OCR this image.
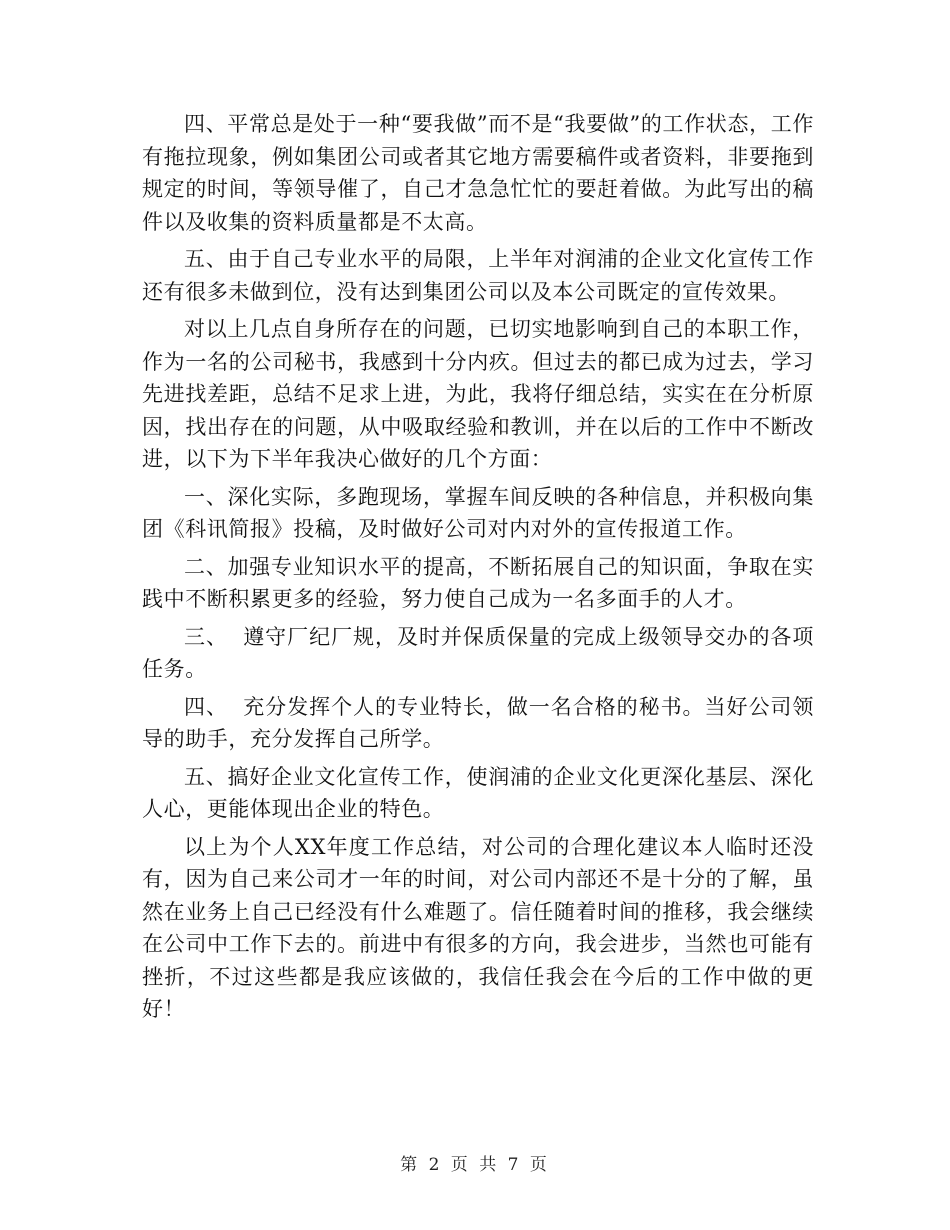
四、平常总是处于一种“要我做”而不是“我要做”的工作状态，工作有拖拉现象，例如集团公司或者其它地方需要稿件或者资料，非要拖到规定的时间，等领导催了，自己才急急忙忙的要赶着做。为此写出的稿件以及收集的资料质量都是不太高。

五、由于自己专业水平的局限，上半年对润浦的企业文化宣传工作还有很多未做到位，没有达到集团公司以及本公司既定的宣传效果。

对以上几点自身所存在的问题，已切实地影响到自己的本职工作，作为一名的公司秘书，我感到十分内疚。但过去的都已成为过去，学习先进找差距，总结不足求上进，为此，我将仔细总结，实实在在分析原因，找出存在的问题，从中吸取经验和教训，并在以后的工作中不断改进，以下为下半年我决心做好的几个方面：

一、深化实际，多跑现场，掌握车间反映的各种信息，并积极向集团《科讯简报》投稿，及时做好公司对内对外的宣传报道工作。

二、加强专业知识水平的提高，不断拓展自己的知识面，争取在实践中不断积累更多的经验，努力使自己成为一名多面手的人才。

三、  遵守厂纪厂规，及时并保质保量的完成上级领导交办的各项任务。

四、  充分发挥个人的专业特长，做一名合格的秘书。当好公司领导的助手，充分发挥自己所学。

五、搞好企业文化宣传工作，使润浦的企业文化更深化基层、深化人心，更能体现出企业的特色。

以上为个人XX年度工作总结，对公司的合理化建议本人临时还没有，因为自己来公司才一年的时间，对公司内部还不是十分的了解，虽然在业务上自己已经没有什么难题了。信任随着时间的推移，我会继续在公司中工作下去的。前进中有很多的方向，我会进步，当然也可能有挫折，不过这些都是我应该做的，我信任我会在今后的工作中做的更好！

第 2 页 共 7 页
